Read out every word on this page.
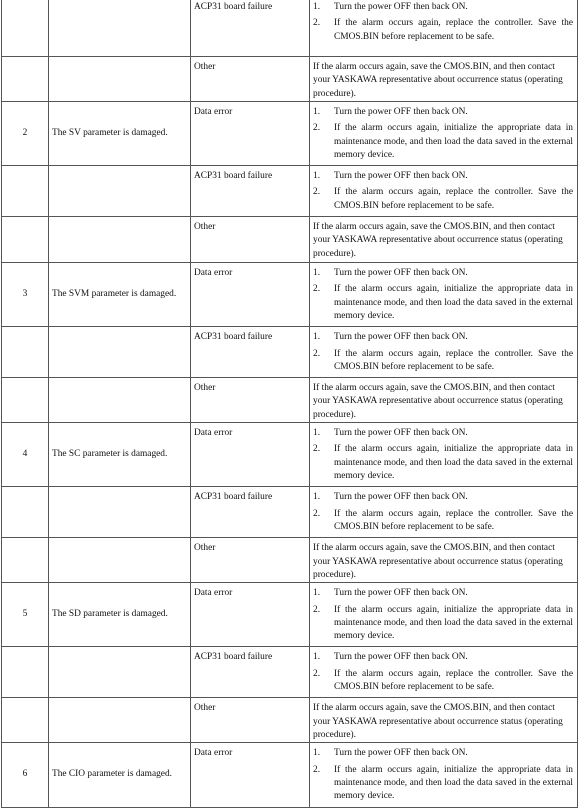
		ACP31 board failure	1. Turn the power OFF then back ON.
2. If the alarm occurs again, replace the controller. Save the CMOS.BIN before replacement to be safe.

		Other	If the alarm occurs again, save the CMOS.BIN, and then contact your YASKAWA representative about occurrence status (operating procedure).

2	The SV parameter is damaged.	Data error	1. Turn the power OFF then back ON.
2. If the alarm occurs again, initialize the appropriate data in maintenance mode, and then load the data saved in the external memory device.

		ACP31 board failure	1. Turn the power OFF then back ON.
2. If the alarm occurs again, replace the controller. Save the CMOS.BIN before replacement to be safe.

		Other	If the alarm occurs again, save the CMOS.BIN, and then contact your YASKAWA representative about occurrence status (operating procedure).

3	The SVM parameter is damaged.	Data error	1. Turn the power OFF then back ON.
2. If the alarm occurs again, initialize the appropriate data in maintenance mode, and then load the data saved in the external memory device.

		ACP31 board failure	1. Turn the power OFF then back ON.
2. If the alarm occurs again, replace the controller. Save the CMOS.BIN before replacement to be safe.

		Other	If the alarm occurs again, save the CMOS.BIN, and then contact your YASKAWA representative about occurrence status (operating procedure).

4	The SC parameter is damaged.	Data error	1. Turn the power OFF then back ON.
2. If the alarm occurs again, initialize the appropriate data in maintenance mode, and then load the data saved in the external memory device.

		ACP31 board failure	1. Turn the power OFF then back ON.
2. If the alarm occurs again, replace the controller. Save the CMOS.BIN before replacement to be safe.

		Other	If the alarm occurs again, save the CMOS.BIN, and then contact your YASKAWA representative about occurrence status (operating procedure).

5	The SD parameter is damaged.	Data error	1. Turn the power OFF then back ON.
2. If the alarm occurs again, initialize the appropriate data in maintenance mode, and then load the data saved in the external memory device.

		ACP31 board failure	1. Turn the power OFF then back ON.
2. If the alarm occurs again, replace the controller. Save the CMOS.BIN before replacement to be safe.

		Other	If the alarm occurs again, save the CMOS.BIN, and then contact your YASKAWA representative about occurrence status (operating procedure).

6	The CIO parameter is damaged.	Data error	1. Turn the power OFF then back ON.
2. If the alarm occurs again, initialize the appropriate data in maintenance mode, and then load the data saved in the external memory device.
